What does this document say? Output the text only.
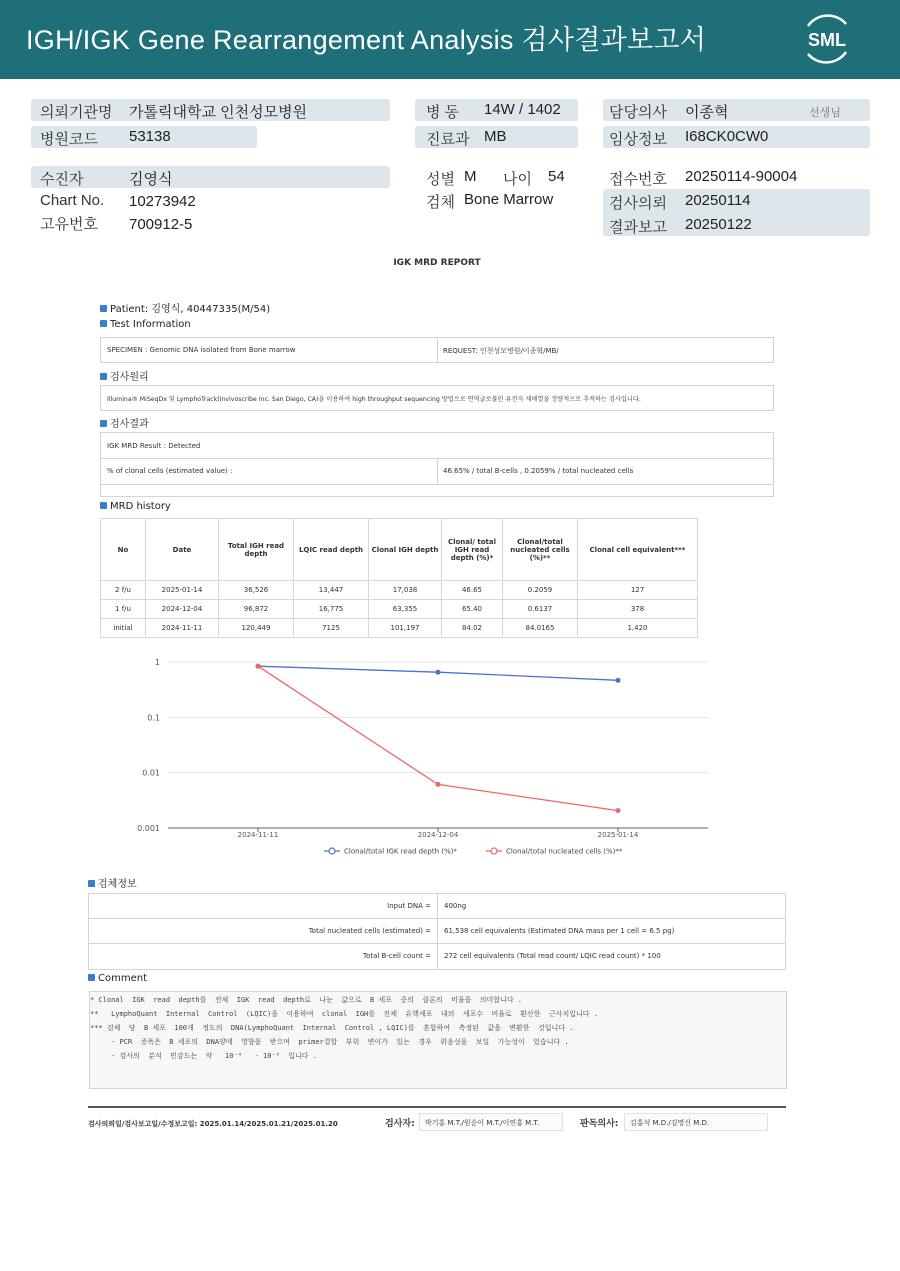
IGH/IGK Gene Rearrangement Analysis 검사결과보고서	SML
의뢰기관명 가톨릭대학교 인천성모병원
병원코드 53138
병 동 14W / 1402
진료과 MB
담당의사 이종혁	선생님
임상정보 I68CK0CW0
수진자	김영식
Chart No. 10273942
고유번호 700912-5
성별 M 나이 54
검체 Bone Marrow
접수번호 20250114-90004
검사의뢰 20250114
결과보고 20250122
IGK MRD REPORT
Patient: 김영식, 40447335(M/54)
Test Information
SPECIMEN : Genomic DNA isolated from Bone marrow	REQUEST: 인천성모병원/이종혁/MB/
검사원리
Illumina® MiSeqDx 및 LymphoTrack(Invivoscribe Inc. San Diego, CA)을 이용하여 high throughput sequencing 방법으로 면역글로불린 유전자 재배열을 정량적으로 추적하는 검사입니다.
검사결과
IGK MRD Result : Detected
% of clonal cells (estimated value) :	46.65% / total B-cells , 0.2059% / total nucleated cells
MRD history
No	Date	Total IGH read depth	LQIC read depth	Clonal IGH depth	Clonal/ total IGH read depth (%)*	Clonal/total nucleated cells (%)**	Clonal cell equivalent***
2 f/u	2025-01-14	36,526	13,447	17,038	46.65	0.2059	127
1 f/u	2024-12-04	96,872	16,775	63,355	65.40	0.6137	378
initial	2024-11-11	120,449	7125	101,197	84.02	84.0165	1,420
1
0.1
0.01
0.001
2024-11-11	2024-12-04	2025-01-14
Clonal/total IGK read depth (%)*	Clonal/total nucleated cells (%)**
검체정보
Input DNA = 400ng
Total nucleated cells (estimated) = 61,538 cell equivalents (Estimated DNA mass per 1 cell = 6.5 pg)
Total B-cell count = 272 cell equivalents (Total read count/ LQIC read count) * 100
Comment
* Clonal  IGK  read  depth를  전체  IGK  read  depth로  나눈  값으로  B 세포  중의  클론의  비율을  의미합니다 .
**   LymphoQuant  Internal  Control  (LQIC)을  이용하여  clonal  IGH를  전체  유핵세포  내의  세포수  비율로  환산한  근사치입니다 .
*** 검체  당  B 세포  100개  정도의  DNA(LymphoQuant  Internal  Control , LQIC)를  혼합하여  측정된  값을  변환한  것입니다 .
- PCR  증폭은  B 세포의  DNA양에  영향을  받으며  primer결합  부위  변이가  있는  경우  위음성을  보일  가능성이  있습니다 .
- 검사의  분석  민감도는  약   10⁻⁴   - 10⁻⁵  입니다 .
검사의뢰일/검사보고일/수정보고일: 2025.01.14/2025.01.21/2025.01.20	검사자:	박기홍 M.T./원순이 M.T./이연홍 M.T.	판독의사:	김홍석 M.D./김명신 M.D.
